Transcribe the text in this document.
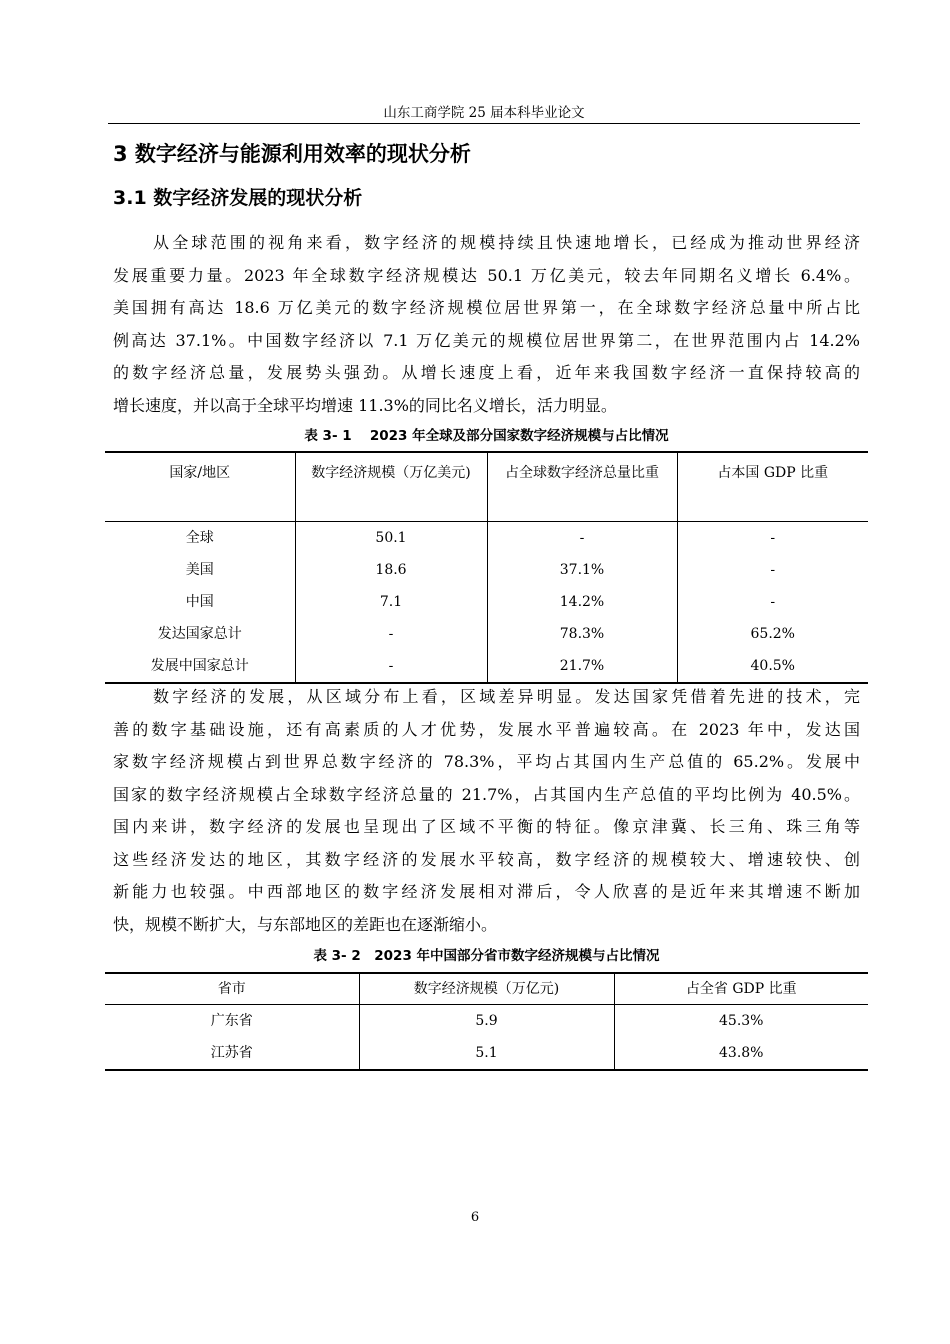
山东工商学院 25 届本科毕业论文
3 数字经济与能源利用效率的现状分析
3.1 数字经济发展的现状分析
从全球范围的视角来看，数字经济的规模持续且快速地增长，已经成为推动世界经济
发展重要力量。2023 年全球数字经济规模达 50.1 万亿美元，较去年同期名义增长 6.4%。
美国拥有高达 18.6 万亿美元的数字经济规模位居世界第一，在全球数字经济总量中所占比
例高达 37.1%。中国数字经济以 7.1 万亿美元的规模位居世界第二，在世界范围内占 14.2%
的数字经济总量，发展势头强劲。从增长速度上看，近年来我国数字经济一直保持较高的
增长速度，并以高于全球平均增速 11.3%的同比名义增长，活力明显。
表 3- 1　 2023 年全球及部分国家数字经济规模与占比情况
国家/地区	数字经济规模（万亿美元)	占全球数字经济总量比重	占本国 GDP 比重
全球	50.1	-	-
美国	18.6	37.1%	-
中国	7.1	14.2%	-
发达国家总计	-	78.3%	65.2%
发展中国家总计	-	21.7%	40.5%
数字经济的发展，从区域分布上看，区域差异明显。发达国家凭借着先进的技术，完
善的数字基础设施，还有高素质的人才优势，发展水平普遍较高。在 2023 年中，发达国
家数字经济规模占到世界总数字经济的 78.3%，平均占其国内生产总值的 65.2%。发展中
国家的数字经济规模占全球数字经济总量的 21.7%，占其国内生产总值的平均比例为 40.5%。
国内来讲，数字经济的发展也呈现出了区域不平衡的特征。像京津冀、长三角、珠三角等
这些经济发达的地区，其数字经济的发展水平较高，数字经济的规模较大、增速较快、创
新能力也较强。中西部地区的数字经济发展相对滞后，令人欣喜的是近年来其增速不断加
快，规模不断扩大，与东部地区的差距也在逐渐缩小。
表 3- 2　2023 年中国部分省市数字经济规模与占比情况
省市	数字经济规模（万亿元)	占全省 GDP 比重
广东省	5.9	45.3%
江苏省	5.1	43.8%
6
